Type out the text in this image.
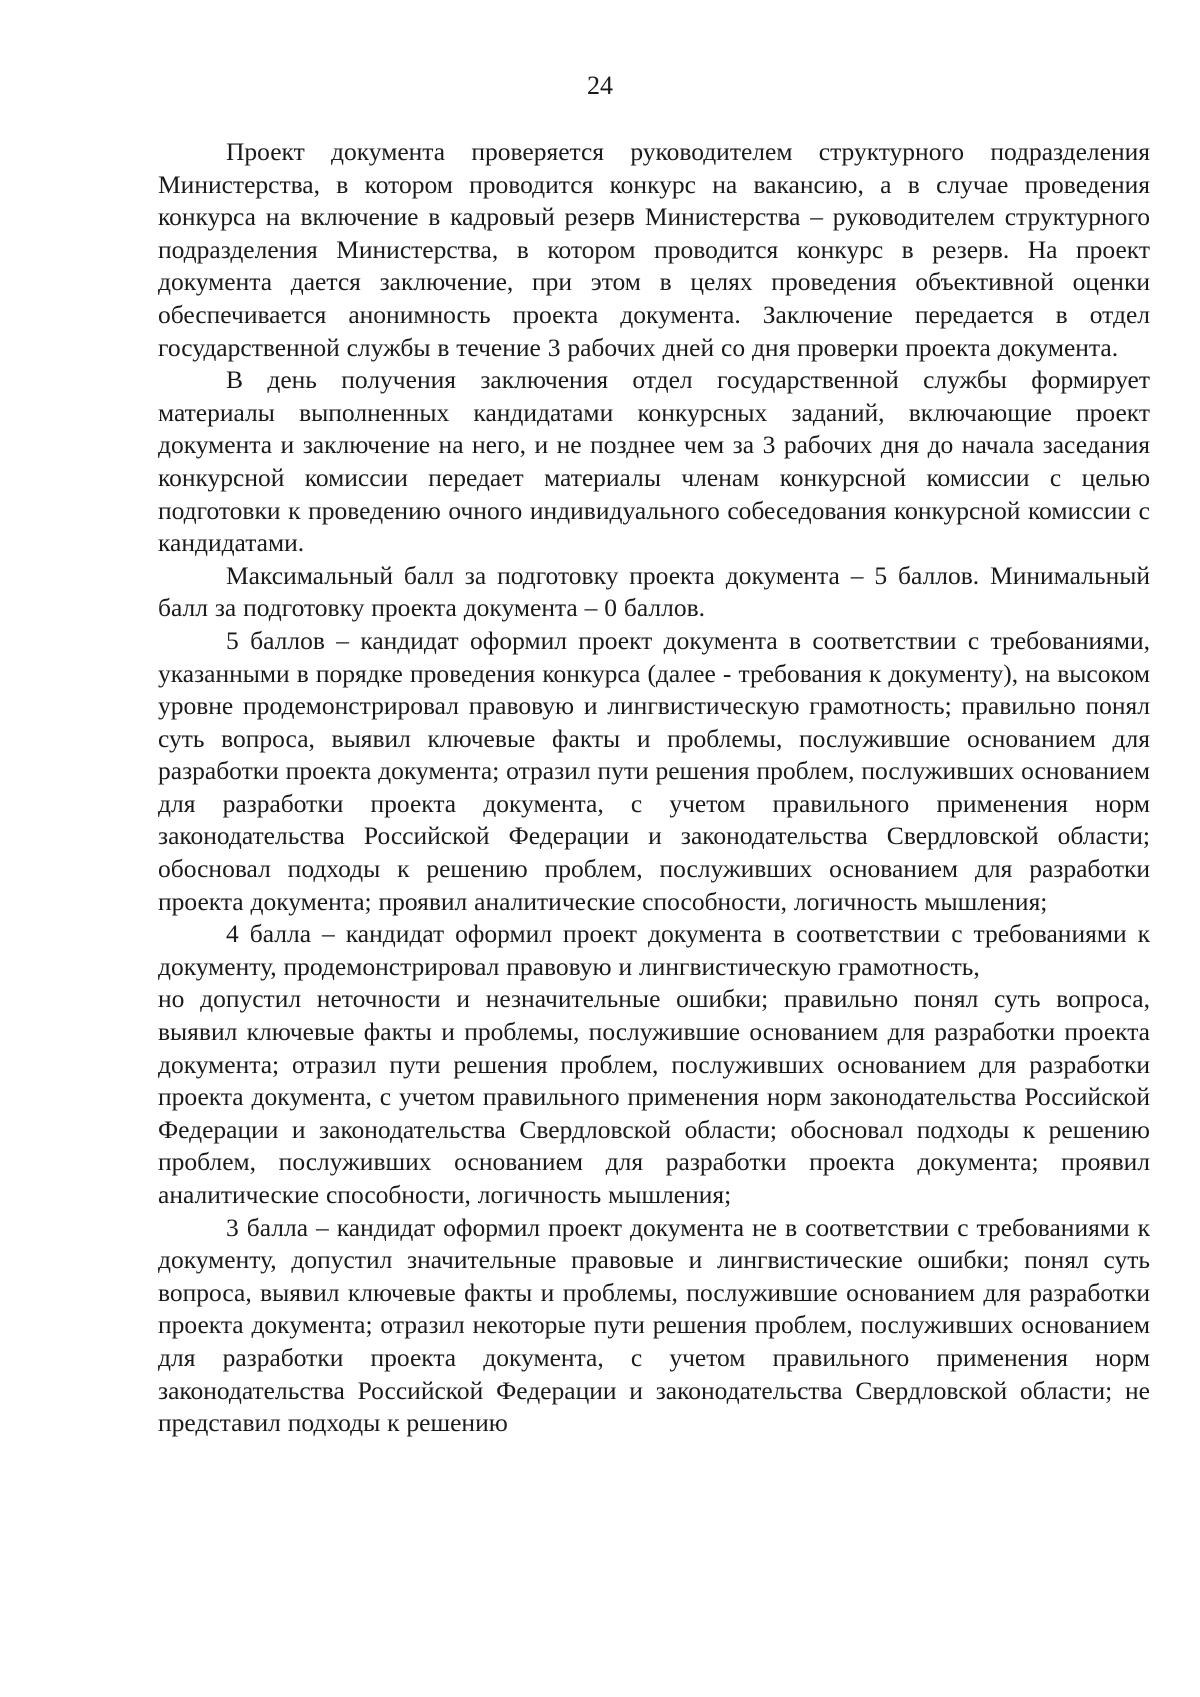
24

Проект документа проверяется руководителем структурного подразделения Министерства, в котором проводится конкурс на вакансию, а в случае проведения конкурса на включение в кадровый резерв Министерства – руководителем структурного подразделения Министерства, в котором проводится конкурс в резерв. На проект документа дается заключение, при этом в целях проведения объективной оценки обеспечивается анонимность проекта документа. Заключение передается в отдел государственной службы в течение 3 рабочих дней со дня проверки проекта документа.

В день получения заключения отдел государственной службы формирует материалы выполненных кандидатами конкурсных заданий, включающие проект документа и заключение на него, и не позднее чем за 3 рабочих дня до начала заседания конкурсной комиссии передает материалы членам конкурсной комиссии с целью подготовки к проведению очного индивидуального собеседования конкурсной комиссии с кандидатами.

Максимальный балл за подготовку проекта документа – 5 баллов. Минимальный балл за подготовку проекта документа – 0 баллов.

5 баллов – кандидат оформил проект документа в соответствии с требованиями, указанными в порядке проведения конкурса (далее - требования к документу), на высоком уровне продемонстрировал правовую и лингвистическую грамотность; правильно понял суть вопроса, выявил ключевые факты и проблемы, послужившие основанием для разработки проекта документа; отразил пути решения проблем, послуживших основанием для разработки проекта документа, с учетом правильного применения норм законодательства Российской Федерации и законодательства Свердловской области; обосновал подходы к решению проблем, послуживших основанием для разработки проекта документа; проявил аналитические способности, логичность мышления;

4 балла – кандидат оформил проект документа в соответствии с требованиями к документу, продемонстрировал правовую и лингвистическую грамотность,

но допустил неточности и незначительные ошибки; правильно понял суть вопроса, выявил ключевые факты и проблемы, послужившие основанием для разработки проекта документа; отразил пути решения проблем, послуживших основанием для разработки проекта документа, с учетом правильного применения норм законодательства Российской Федерации и законодательства Свердловской области; обосновал подходы к решению проблем, послуживших основанием для разработки проекта документа; проявил аналитические способности, логичность мышления;

3 балла – кандидат оформил проект документа не в соответствии с требованиями к документу, допустил значительные правовые и лингвистические ошибки; понял суть вопроса, выявил ключевые факты и проблемы, послужившие основанием для разработки проекта документа; отразил некоторые пути решения проблем, послуживших основанием для разработки проекта документа, с учетом правильного применения норм законодательства Российской Федерации и законодательства Свердловской области; не представил подходы к решению
